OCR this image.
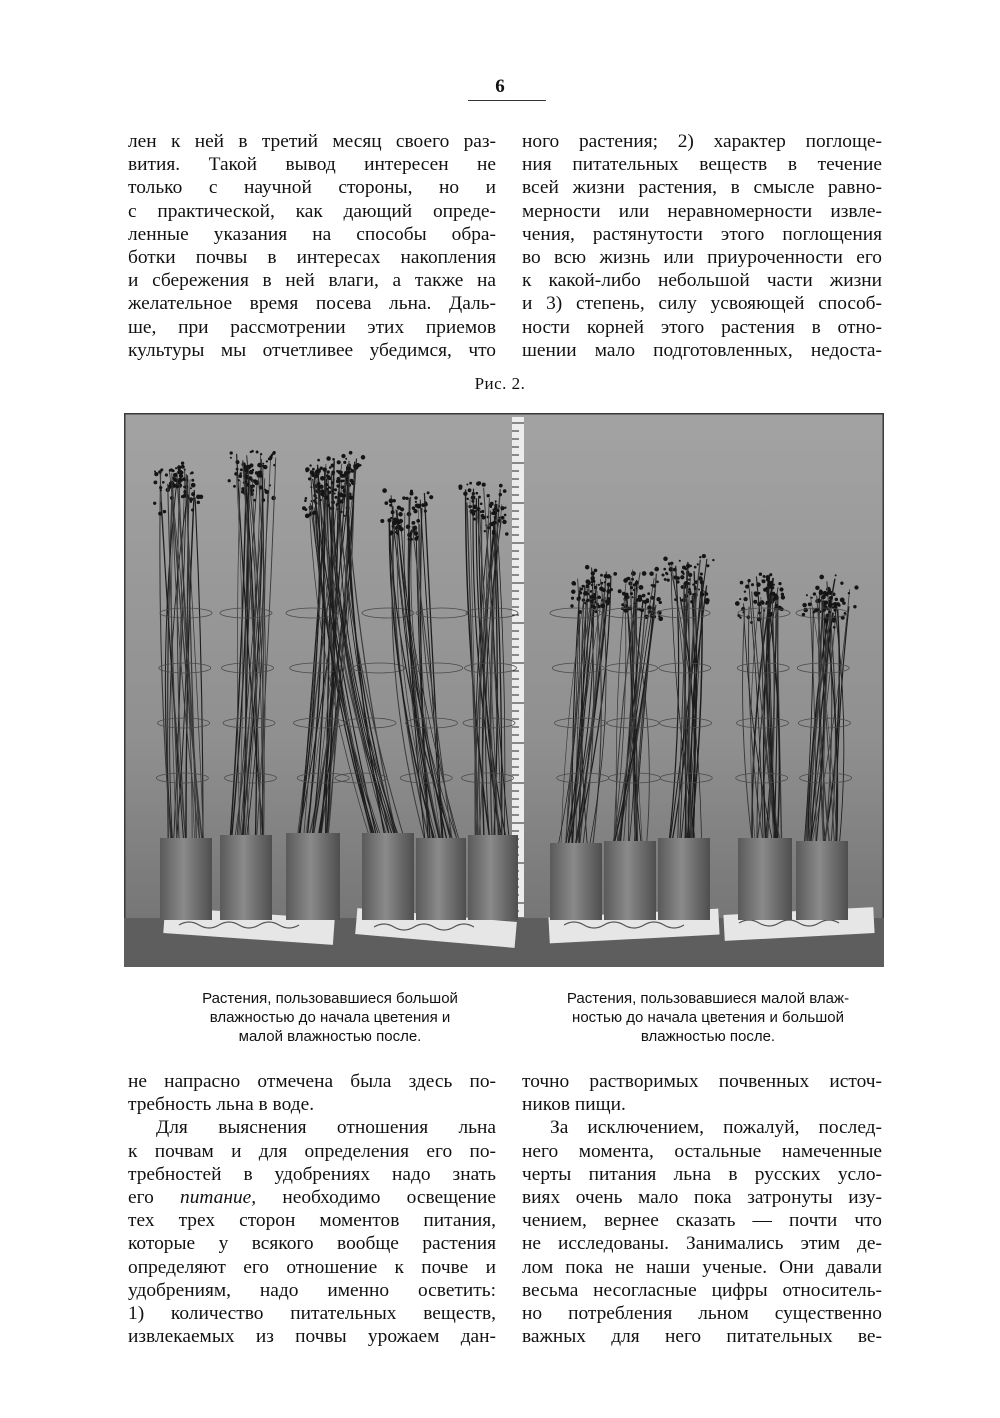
6
лен к ней в третий месяц своего раз-
вития. Такой вывод интересен не
только с научной стороны, но и
с практической, как дающий опреде-
ленные указания на способы обра-
ботки почвы в интересах накопления
и сбережения в ней влаги, а также на
желательное время посева льна. Даль-
ше, при рассмотрении этих приемов
культуры мы отчетливее убедимся, что
ного растения; 2) характер поглоще-
ния питательных веществ в течение
всей жизни растения, в смысле равно-
мерности или неравномерности извле-
чения, растянутости этого поглощения
во всю жизнь или приуроченности его
к какой-либо небольшой части жизни
и 3) степень, силу усвояющей способ-
ности корней этого растения в отно-
шении мало подготовленных, недоста-
Рис. 2.
Растения, пользовавшиеся большой
влажностью до начала цветения и
малой влажностью после.
Растения, пользовавшиеся малой влаж-
ностью до начала цветения и большой
влажностью после.
не напрасно отмечена была здесь по-
требность льна в воде.
Для выяснения отношения льна
к почвам и для определения его по-
требностей в удобрениях надо знать
его питание, необходимо освещение
тех трех сторон моментов питания,
которые у всякого вообще растения
определяют его отношение к почве и
удобрениям, надо именно осветить:
1) количество питательных веществ,
извлекаемых из почвы урожаем дан-
точно растворимых почвенных источ-
ников пищи.
За исключением, пожалуй, послед-
него момента, остальные намеченные
черты питания льна в русских усло-
виях очень мало пока затронуты изу-
чением, вернее сказать — почти что
не исследованы. Занимались этим де-
лом пока не наши ученые. Они давали
весьма несогласные цифры относитель-
но потребления льном существенно
важных для него питательных ве-
